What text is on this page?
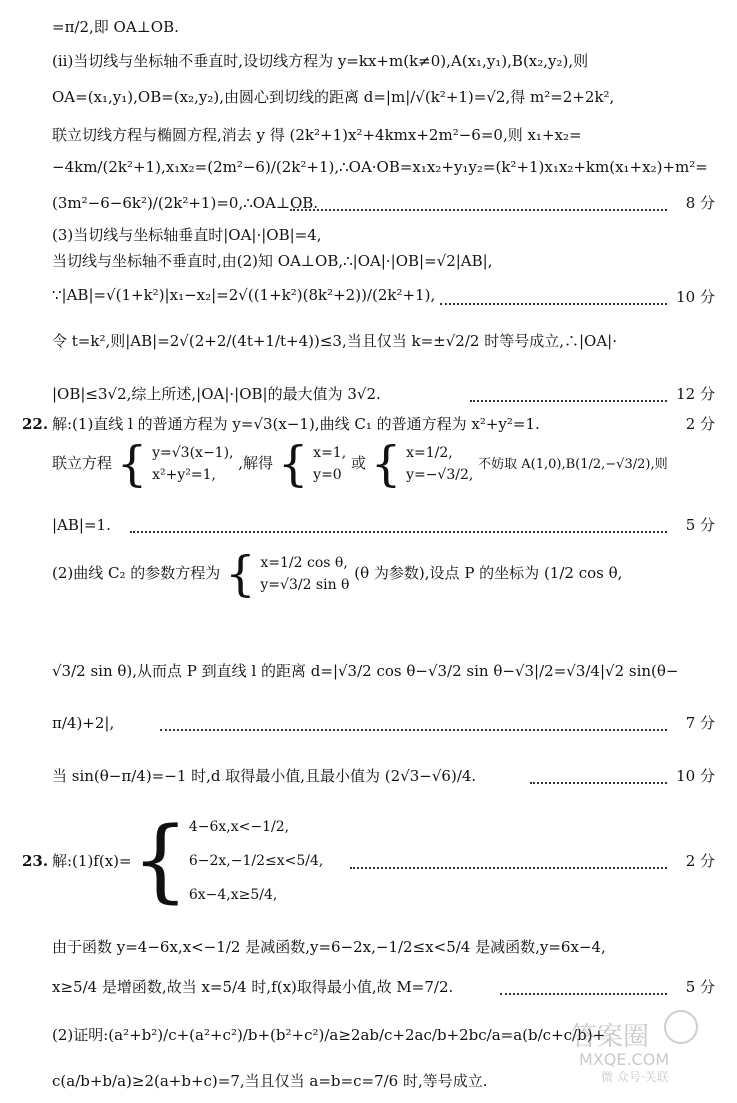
=π/2,即 OA⊥OB.
(ii)当切线与坐标轴不垂直时,设切线方程为 y=kx+m(k≠0),A(x₁,y₁),B(x₂,y₂),则
OA=(x₁,y₁),OB=(x₂,y₂),由圆心到切线的距离 d=|m|/√(k²+1)=√2,得 m²=2+2k²,
联立切线方程与椭圆方程,消去 y 得 (2k²+1)x²+4kmx+2m²−6=0,则 x₁+x₂=
−4km/(2k²+1),x₁x₂=(2m²−6)/(2k²+1),∴OA·OB=x₁x₂+y₁y₂=(k²+1)x₁x₂+km(x₁+x₂)+m²=
(3m²−6−6k²)/(2k²+1)=0,∴OA⊥OB.	8 分
(3)当切线与坐标轴垂直时|OA|·|OB|=4,
当切线与坐标轴不垂直时,由(2)知 OA⊥OB,∴|OA|·|OB|=√2|AB|,
∵|AB|=√(1+k²)|x₁−x₂|=2√((1+k²)(8k²+2))/(2k²+1),	10 分
令 t=k²,则|AB|=2√(2+2/(4t+1/t+4))≤3,当且仅当 k=±√2/2 时等号成立,∴|OA|·
|OB|≤3√2,综上所述,|OA|·|OB|的最大值为 3√2.	12 分
22. 解:(1)直线 l 的普通方程为 y=√3(x−1),曲线 C₁ 的普通方程为 x²+y²=1.	2 分
联立方程 { y=√3(x−1),
x²+y²=1,
,解得 { x=1,
y=0
或 { x=1/2,
y=−√3/2,
不妨取 A(1,0),B(1/2,−√3/2),则
|AB|=1.	5 分
(2)曲线 C₂ 的参数方程为 { x=1/2 cos θ,
y=√3/2 sin θ
(θ 为参数),设点 P 的坐标为 (1/2 cos θ,
√3/2 sin θ),从而点 P 到直线 l 的距离 d=|√3/2 cos θ−√3/2 sin θ−√3|/2=√3/4|√2 sin(θ−
π/4)+2|,	7 分
当 sin(θ−π/4)=−1 时,d 取得最小值,且最小值为 (2√3−√6)/4.	10 分
23. 解:(1)f(x)={ 4−6x,x<−1/2,
6−2x,−1/2≤x<5/4,
6x−4,x≥5/4,
2 分
由于函数 y=4−6x,x<−1/2 是减函数,y=6−2x,−1/2≤x<5/4 是减函数,y=6x−4,
x≥5/4 是增函数,故当 x=5/4 时,f(x)取得最小值,故 M=7/2.	5 分
(2)证明:(a²+b²)/c+(a²+c²)/b+(b²+c²)/a≥2ab/c+2ac/b+2bc/a=a(b/c+c/b)+
c(a/b+b/a)≥2(a+b+c)=7,当且仅当 a=b=c=7/6 时,等号成立.
答案圈
MXQE.COM
微 众号·关联
